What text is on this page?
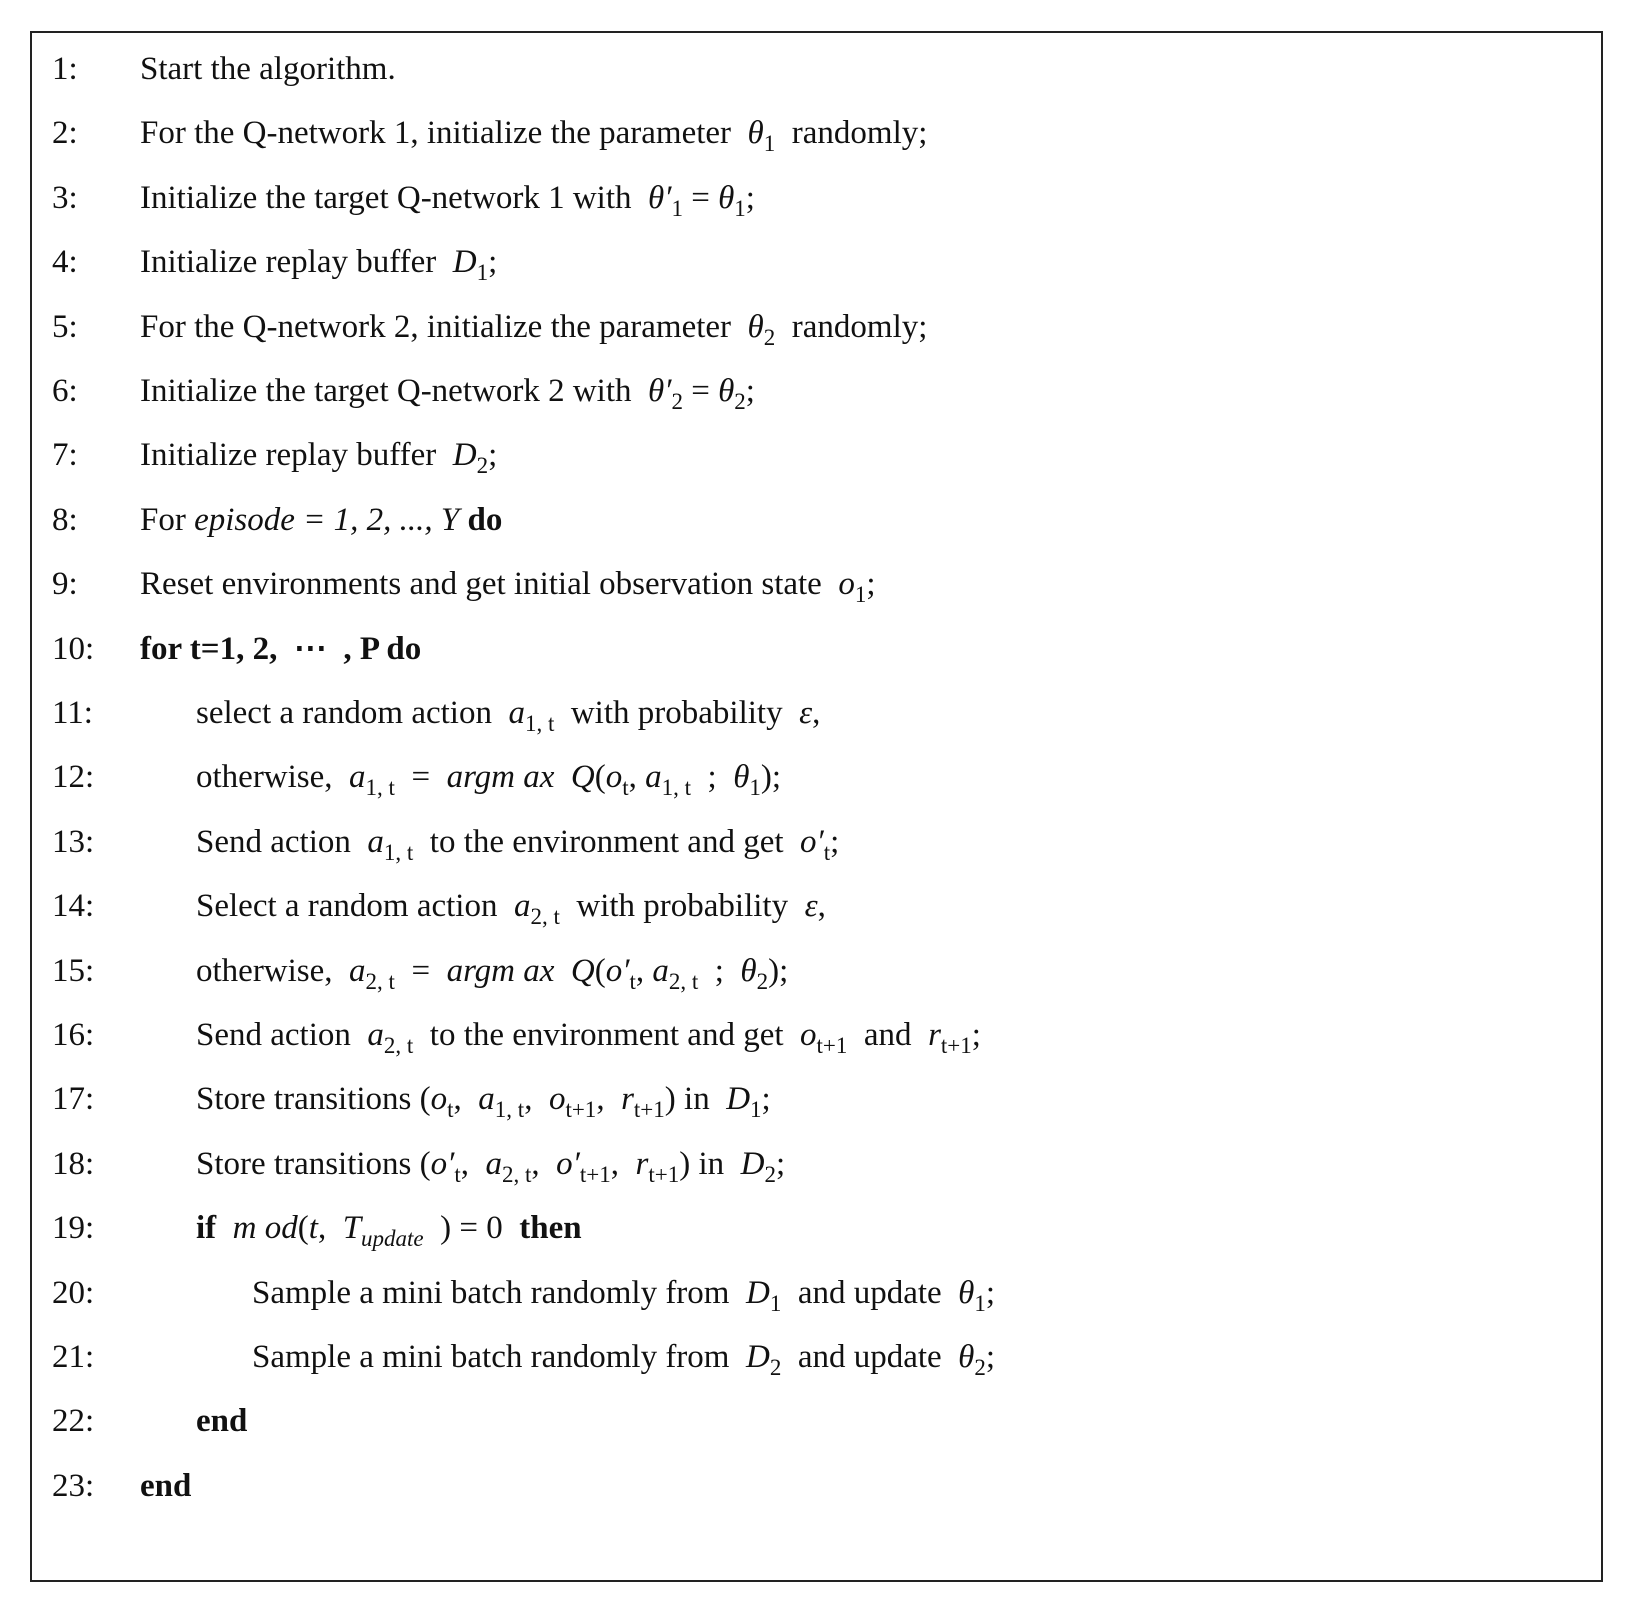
1: Start the algorithm.
2: For the Q-network 1, initialize the parameter  $\theta_1$  randomly;
3: Initialize the target Q-network 1 with  $\theta'_1 = \theta_1$;
4: Initialize replay buffer  $D_1$;
5: For the Q-network 2, initialize the parameter  $\theta_2$  randomly;
6: Initialize the target Q-network 2 with  $\theta'_2 = \theta_2$;
7: Initialize replay buffer  $D_2$;
8: For episode = 1, 2, ..., Y do
9: Reset environments and get initial observation state  $o_1$;
10: for t=1, 2,  ⋯  , P do
11:	select a random action  $a_{1, t}$  with probability  ε,
12:	otherwise,  $a_{1, t}$  =  argm ax  $Q(o_t$, $a_{1, t}$  ;  $\theta_1$);
13:	Send action  $a_{1, t}$  to the environment and get  $o'_t$;
14:	Select a random action  $a_{2, t}$  with probability  ε,
15:	otherwise,  $a_{2, t}$  =  argm ax  $Q(o'_t$, $a_{2, t}$  ;  $\theta_2$);
16:	Send action  $a_{2, t}$  to the environment and get  $o_{t+1}$  and  $r_{t+1}$;
17:	Store transitions ($o_t$,  $a_{1, t}$,  $o_{t+1}$,  $r_{t+1}$) in  $D_1$;
18:	Store transitions ($o'_t$,  $a_{2, t}$,  $o'_{t+1}$,  $r_{t+1}$) in  $D_2$;
19:	if m od(t,  $T_{update}$  ) = 0  then
20:	Sample a mini batch randomly from  $D_1$  and update  $\theta_1$;
21:	Sample a mini batch randomly from  $D_2$  and update  $\theta_2$;
22:	end
23: end
